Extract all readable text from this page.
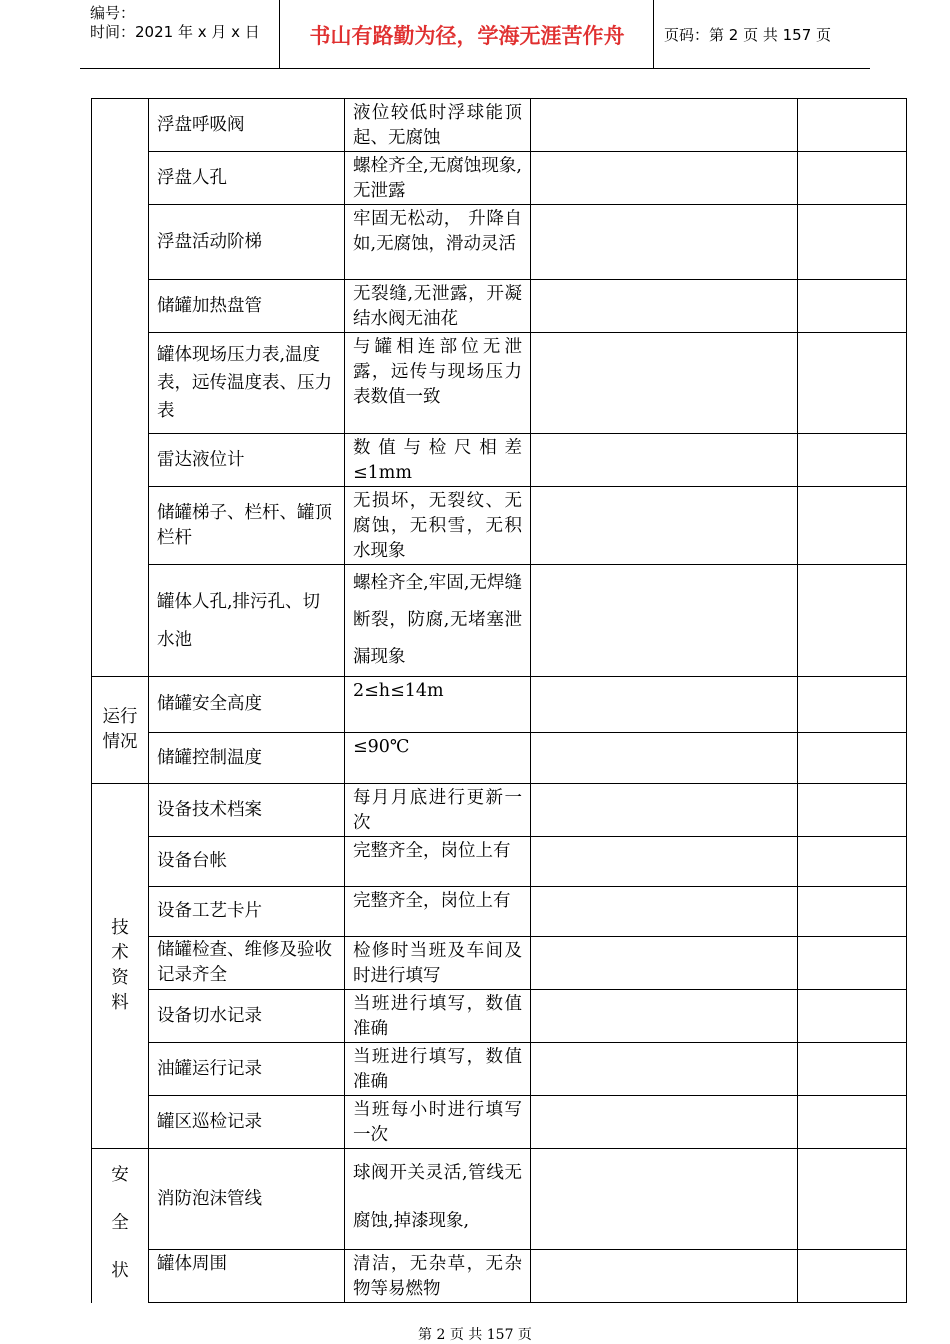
编号：
时间：2021 年 x 月 x 日	书山有路勤为径，学海无涯苦作舟	页码：第 2 页 共 157 页
	浮盘呼吸阀	液位较低时浮球能顶起、无腐蚀		
	浮盘人孔	螺栓齐全,无腐蚀现象,无泄露		
	浮盘活动阶梯	牢固无松动， 升降自如,无腐蚀，滑动灵活		
	储罐加热盘管	无裂缝,无泄露，开凝结水阀无油花		
	罐体现场压力表,温度表，远传温度表、压力表	与罐相连部位无泄露，远传与现场压力表数值一致		
	雷达液位计	数 值 与 检 尺 相 差≤1mm		
	储罐梯子、栏杆、罐顶栏杆	无损坏，无裂纹、无腐蚀，无积雪，无积水现象		
	罐体人孔,排污孔、切水池	螺栓齐全,牢固,无焊缝断裂，防腐,无堵塞泄漏现象		

运行
情况	储罐安全高度	2≤h≤14m		
	储罐控制温度	≤90℃		

技
术
资
料	设备技术档案	每月月底进行更新一次		
	设备台帐	完整齐全，岗位上有		
	设备工艺卡片	完整齐全，岗位上有		
	储罐检查、维修及验收记录齐全	检修时当班及车间及时进行填写		
	设备切水记录	当班进行填写，数值准确		
	油罐运行记录	当班进行填写，数值准确		
	罐区巡检记录	当班每小时进行填写一次		

安
全
状	消防泡沫管线	球阀开关灵活,管线无腐蚀,掉漆现象,		
	罐体周围	清洁，无杂草，无杂物等易燃物		
第 2 页 共 157 页
